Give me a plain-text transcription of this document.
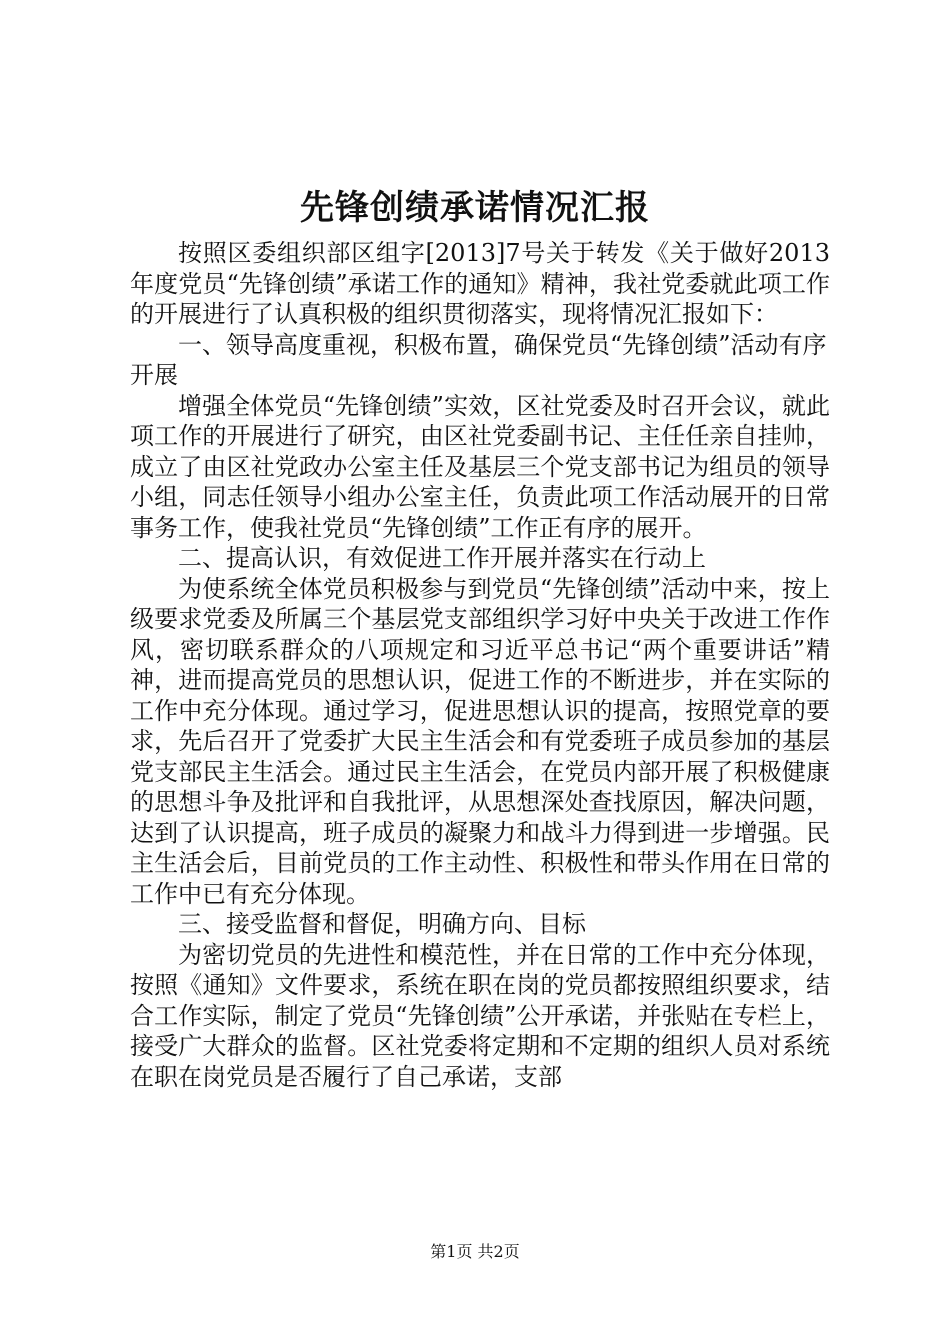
先锋创绩承诺情况汇报

按照区委组织部区组字[2013]7号关于转发《关于做好2013年度党员“先锋创绩”承诺工作的通知》精神，我社党委就此项工作的开展进行了认真积极的组织贯彻落实，现将情况汇报如下：

一、领导高度重视，积极布置，确保党员“先锋创绩”活动有序开展

增强全体党员“先锋创绩”实效，区社党委及时召开会议，就此项工作的开展进行了研究，由区社党委副书记、主任任亲自挂帅，成立了由区社党政办公室主任及基层三个党支部书记为组员的领导小组，同志任领导小组办公室主任，负责此项工作活动展开的日常事务工作，使我社党员“先锋创绩”工作正有序的展开。

二、提高认识，有效促进工作开展并落实在行动上

为使系统全体党员积极参与到党员“先锋创绩”活动中来，按上级要求党委及所属三个基层党支部组织学习好中央关于改进工作作风，密切联系群众的八项规定和习近平总书记“两个重要讲话”精神，进而提高党员的思想认识，促进工作的不断进步，并在实际的工作中充分体现。通过学习，促进思想认识的提高，按照党章的要求，先后召开了党委扩大民主生活会和有党委班子成员参加的基层党支部民主生活会。通过民主生活会，在党员内部开展了积极健康的思想斗争及批评和自我批评，从思想深处查找原因，解决问题，达到了认识提高，班子成员的凝聚力和战斗力得到进一步增强。民主生活会后，目前党员的工作主动性、积极性和带头作用在日常的工作中已有充分体现。

三、接受监督和督促，明确方向、目标

为密切党员的先进性和模范性，并在日常的工作中充分体现，按照《通知》文件要求，系统在职在岗的党员都按照组织要求，结合工作实际，制定了党员“先锋创绩”公开承诺，并张贴在专栏上，接受广大群众的监督。区社党委将定期和不定期的组织人员对系统在职在岗党员是否履行了自己承诺，支部

第1页 共2页
